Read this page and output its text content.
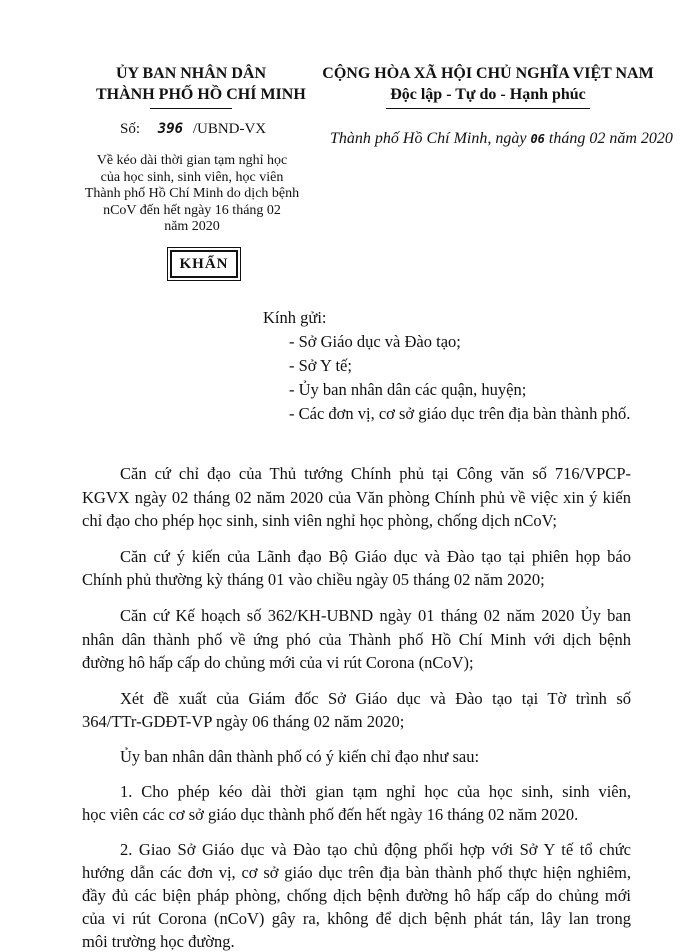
ỦY BAN NHÂN DÂN
THÀNH PHỐ HỒ CHÍ MINH
CỘNG HÒA XÃ HỘI CHỦ NGHĨA VIỆT NAM
Độc lập - Tự do - Hạnh phúc
Số: 396 /UBND-VX
Thành phố Hồ Chí Minh, ngày 06 tháng 02 năm 2020
Về kéo dài thời gian tạm nghỉ học
của học sinh, sinh viên, học viên
Thành phố Hồ Chí Minh do dịch bệnh
nCoV đến hết ngày 16 tháng 02
năm 2020
KHẨN
Kính gửi:
- Sở Giáo dục và Đào tạo;
- Sở Y tế;
- Ủy ban nhân dân các quận, huyện;
- Các đơn vị, cơ sở giáo dục trên địa bàn thành phố.
Căn cứ chỉ đạo của Thủ tướng Chính phủ tại Công văn số 716/VPCP-
KGVX ngày 02 tháng 02 năm 2020 của Văn phòng Chính phủ về việc xin ý kiến
chỉ đạo cho phép học sinh, sinh viên nghỉ học phòng, chống dịch nCoV;
Căn cứ ý kiến của Lãnh đạo Bộ Giáo dục và Đào tạo tại phiên họp báo
Chính phủ thường kỳ tháng 01 vào chiều ngày 05 tháng 02 năm 2020;
Căn cứ Kế hoạch số 362/KH-UBND ngày 01 tháng 02 năm 2020 Ủy ban
nhân dân thành phố về ứng phó của Thành phố Hồ Chí Minh với dịch bệnh
đường hô hấp cấp do chủng mới của vi rút Corona (nCoV);
Xét đề xuất của Giám đốc Sở Giáo dục và Đào tạo tại Tờ trình số
364/TTr-GDĐT-VP ngày 06 tháng 02 năm 2020;
Ủy ban nhân dân thành phố có ý kiến chỉ đạo như sau:
1. Cho phép kéo dài thời gian tạm nghỉ học của học sinh, sinh viên,
học viên các cơ sở giáo dục thành phố đến hết ngày 16 tháng 02 năm 2020.
2. Giao Sở Giáo dục và Đào tạo chủ động phối hợp với Sở Y tế tổ chức
hướng dẫn các đơn vị, cơ sở giáo dục trên địa bàn thành phố thực hiện nghiêm,
đầy đủ các biện pháp phòng, chống dịch bệnh đường hô hấp cấp do chủng mới
của vi rút Corona (nCoV) gây ra, không để dịch bệnh phát tán, lây lan trong
môi trường học đường.
